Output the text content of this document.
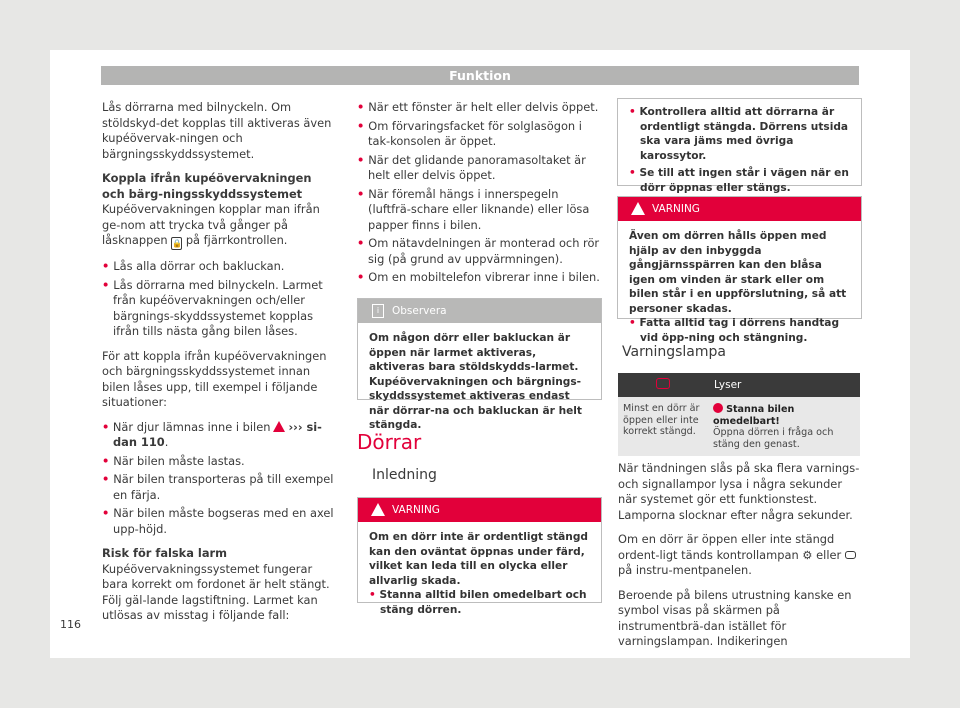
Funktion

Lås dörrarna med bilnyckeln. Om stöldskyd-det kopplas till aktiveras även kupéövervak-ningen och bärgningsskyddssystemet.

Koppla ifrån kupéövervakningen och bärg-ningsskyddssystemet

Kupéövervakningen kopplar man ifrån ge-nom att trycka två gånger på låsknappen 🔒 på fjärrkontrollen.

• Lås alla dörrar och bakluckan.
• Lås dörrarna med bilnyckeln. Larmet från kupéövervakningen och/eller bärgnings-skyddssystemet kopplas ifrån tills nästa gång bilen låses.

För att koppla ifrån kupéövervakningen och bärgningsskyddssystemet innan bilen låses upp, till exempel i följande situationer:

• När djur lämnas inne i bilen ››› si-dan 110.
• När bilen måste lastas.
• När bilen transporteras på till exempel en färja.
• När bilen måste bogseras med en axel upp-höjd.
Risk för falska larm

Kupéövervakningssystemet fungerar bara korrekt om fordonet är helt stängt. Följ gäl-lande lagstiftning. Larmet kan utlösas av misstag i följande fall:

• När ett fönster är helt eller delvis öppet.
• Om förvaringsfacket för solglasögon i tak-konsolen är öppet.
• När det glidande panoramasoltaket är helt eller delvis öppet.
• När föremål hängs i innerspegeln (luftfrä-schare eller liknande) eller lösa papper finns i bilen.
• Om nätavdelningen är monterad och rör sig (på grund av uppvärmningen).
• Om en mobiltelefon vibrerar inne i bilen.
i	Observera
Om någon dörr eller bakluckan är öppen när larmet aktiveras, aktiveras bara stöldskydds-larmet. Kupéövervakningen och bärgnings-skyddssystemet aktiveras endast när dörrar-na och bakluckan är helt stängda.
Dörrar
Inledning
VARNING
Om en dörr inte är ordentligt stängd kan den oväntat öppnas under färd, vilket kan leda till en olycka eller allvarlig skada.
• Stanna alltid bilen omedelbart och stäng dörren.
• Kontrollera alltid att dörrarna är ordentligt stängda. Dörrens utsida ska vara jäms med övriga karossytor.
• Se till att ingen står i vägen när en dörr öppnas eller stängs.
VARNING
Även om dörren hålls öppen med hjälp av den inbyggda gångjärnsspärren kan den blåsa igen om vinden är stark eller om bilen står i en uppförslutning, så att personer skadas.
• Fatta alltid tag i dörrens handtag vid öpp-ning och stängning.
Varningslampa
	Lyser
Minst en dörr är öppen eller inte korrekt stängd.	Stanna bilen omedelbart!
Öppna dörren i fråga och stäng den genast.

När tändningen slås på ska flera varnings-och signallampor lysa i några sekunder när systemet gör ett funktionstest. Lamporna slocknar efter några sekunder.

Om en dörr är öppen eller inte stängd ordent-ligt tänds kontrollampan ⚙ eller  på instru-mentpanelen.

Beroende på bilens utrustning kanske en symbol visas på skärmen på instrumentbrä-dan istället för varningslampan. Indikeringen

116
